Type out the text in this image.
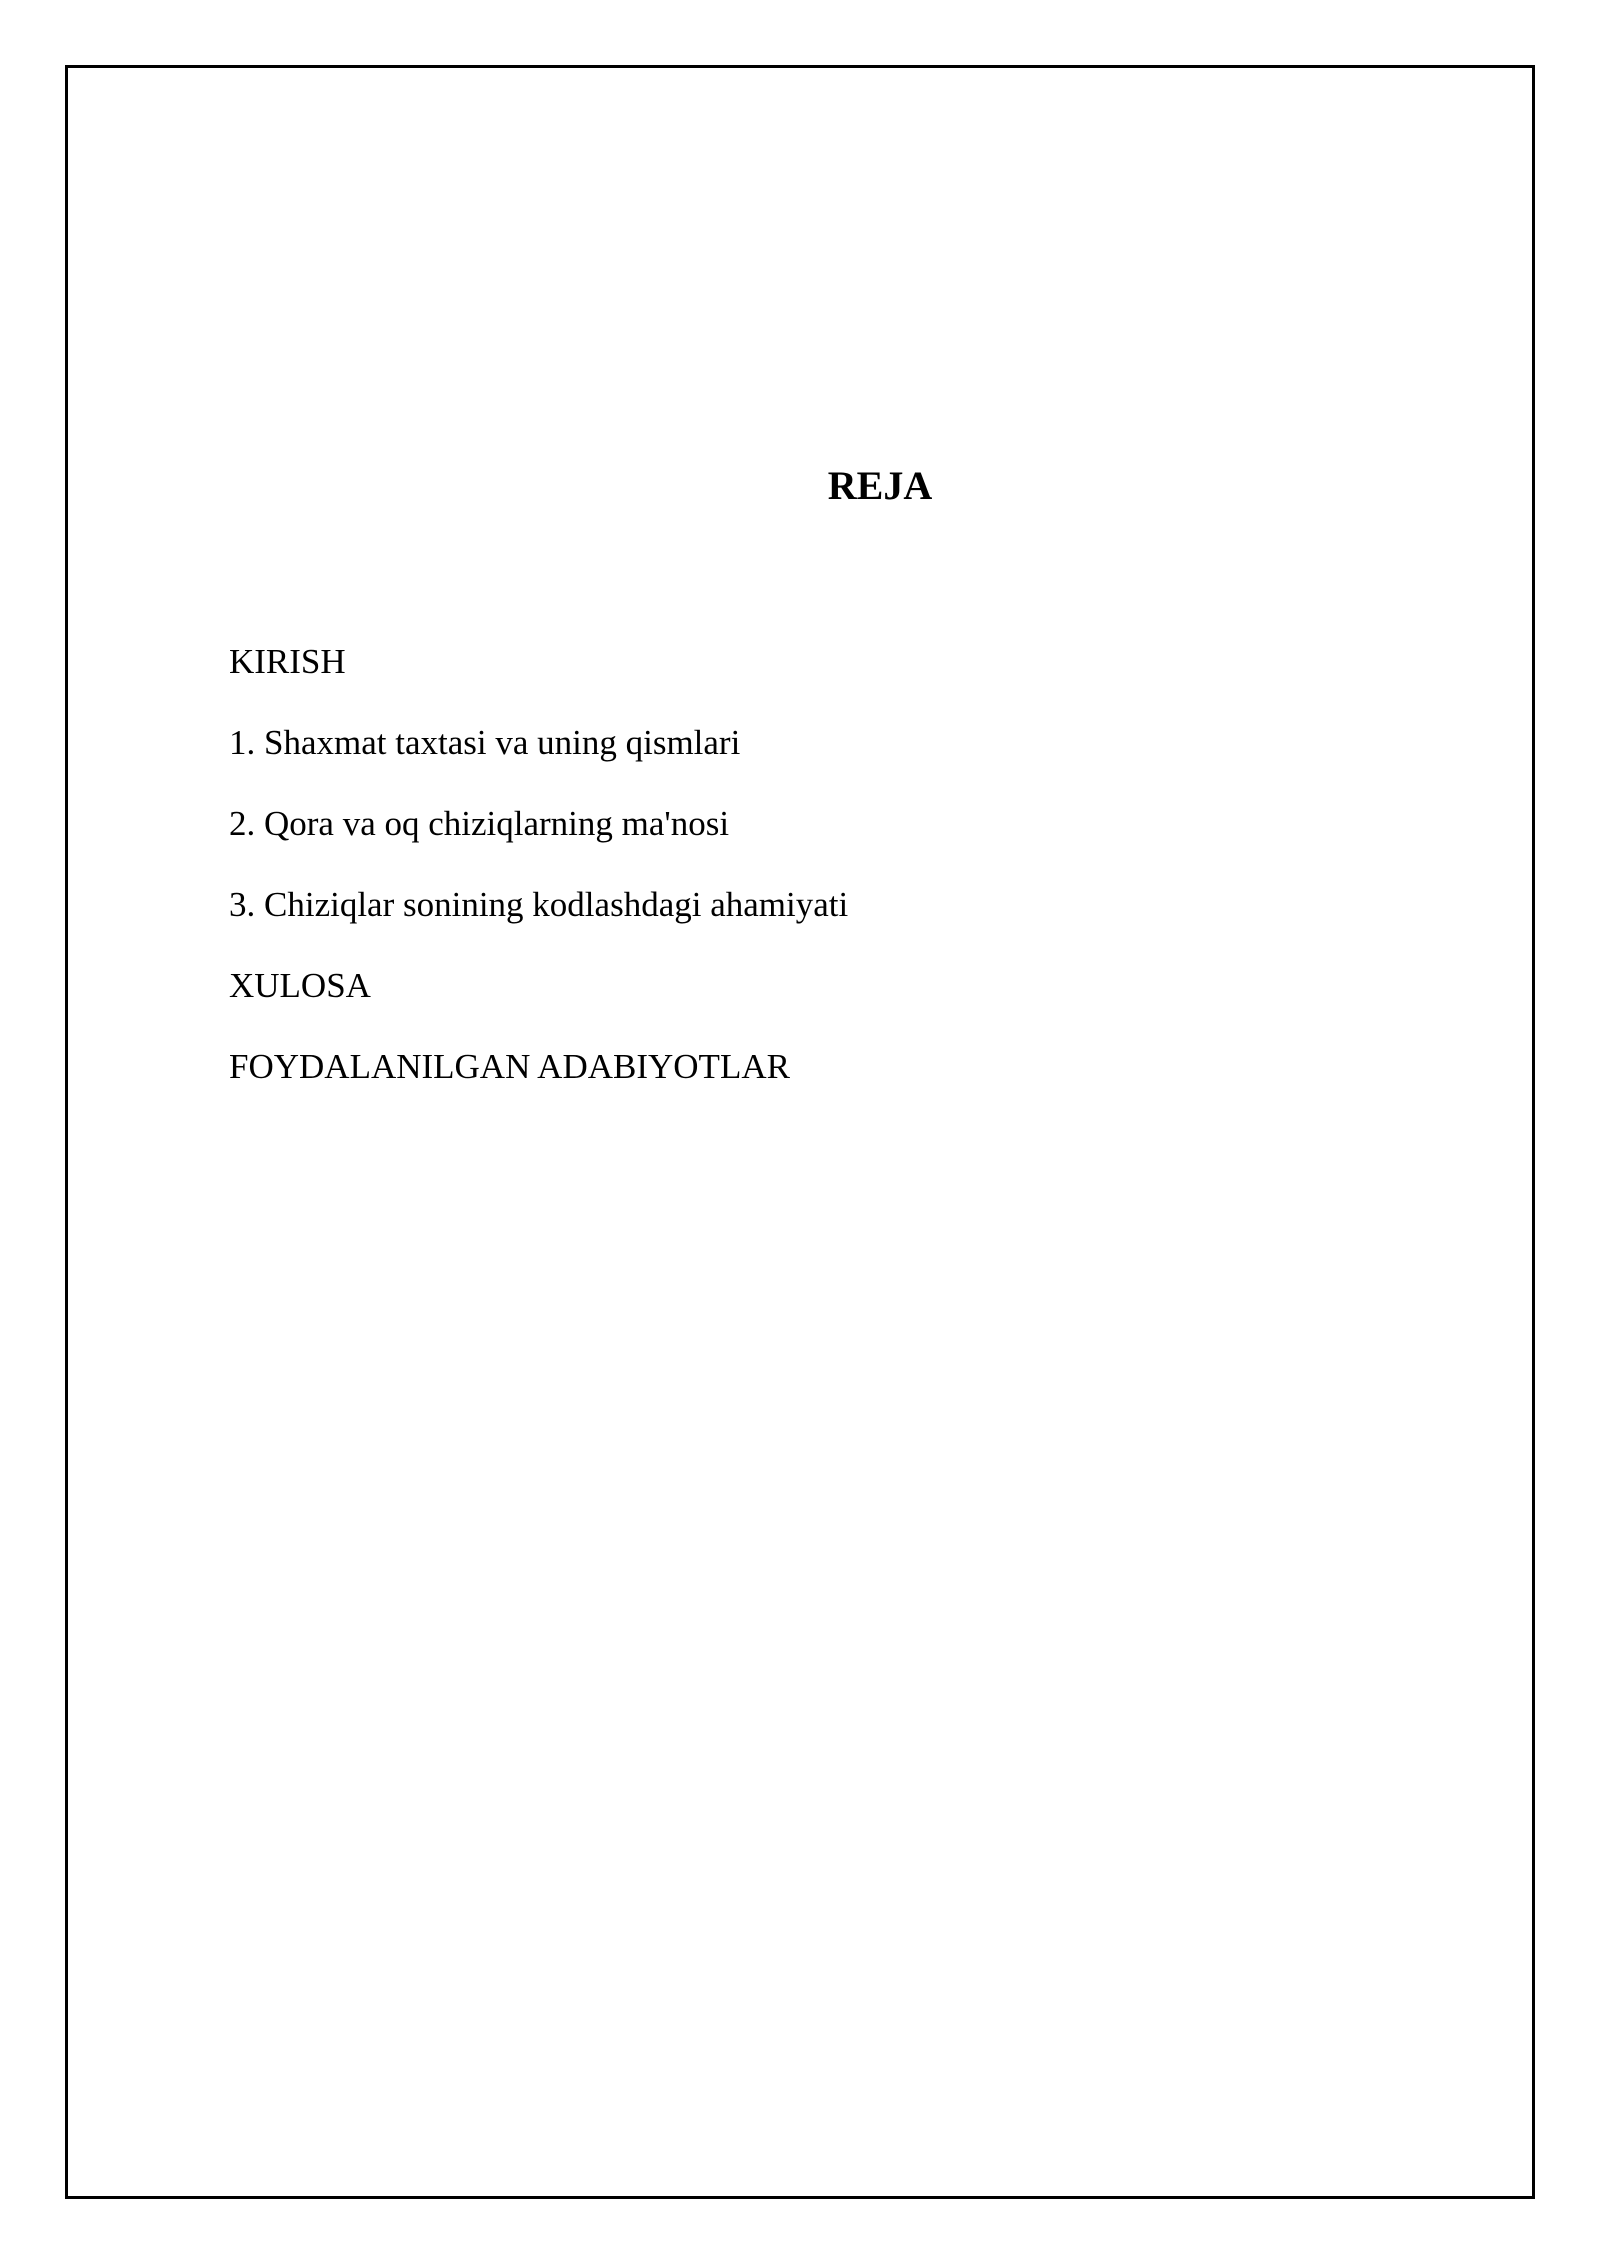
REJA
KIRISH
1. Shaxmat taxtasi va uning qismlari
2. Qora va oq chiziqlarning ma'nosi
3. Chiziqlar sonining kodlashdagi ahamiyati
XULOSA
FOYDALANILGAN ADABIYOTLAR
